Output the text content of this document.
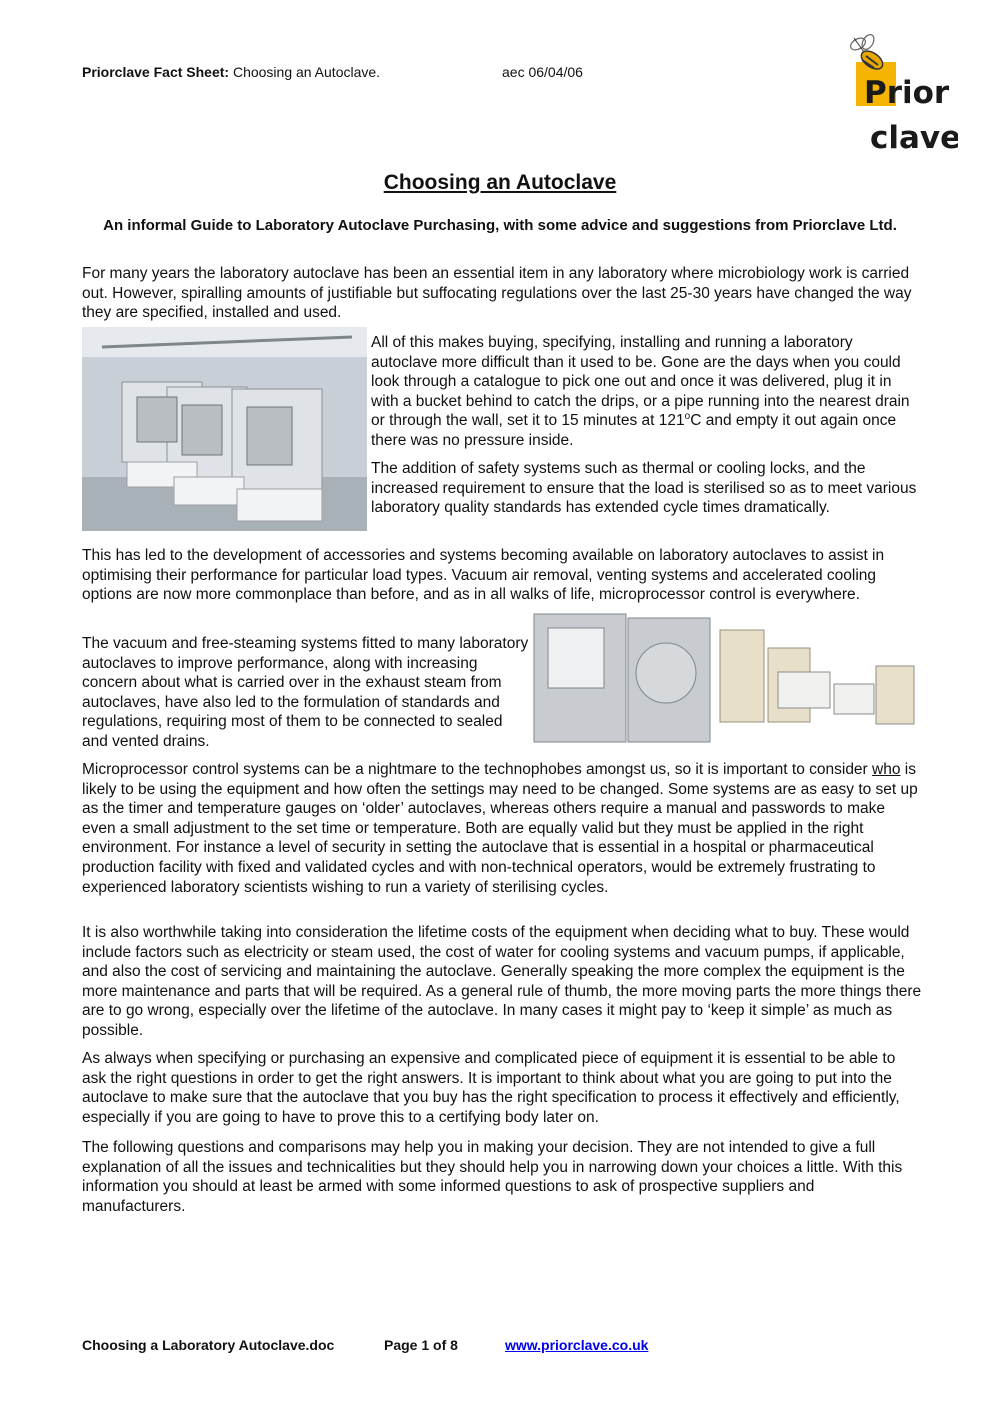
Priorclave Fact Sheet: Choosing an Autoclave.	aec 06/04/06
Prior
clave
Choosing an Autoclave
An informal Guide to Laboratory Autoclave Purchasing, with some advice and suggestions from Priorclave Ltd.

For many years the laboratory autoclave has been an essential item in any laboratory where microbiology work is carried out. However, spiralling amounts of justifiable but suffocating regulations over the last 25-30 years have changed the way they are specified, installed and used.

All of this makes buying, specifying, installing and running a laboratory autoclave more difficult than it used to be. Gone are the days when you could look through a catalogue to pick one out and once it was delivered, plug it in with a bucket behind to catch the drips, or a pipe running into the nearest drain or through the wall, set it to 15 minutes at 121$^o$C and empty it out again once there was no pressure inside.

The addition of safety systems such as thermal or cooling locks, and the increased requirement to ensure that the load is sterilised so as to meet various laboratory quality standards has extended cycle times dramatically.

This has led to the development of accessories and systems becoming available on laboratory autoclaves to assist in optimising their performance for particular load types. Vacuum air removal, venting systems and accelerated cooling options are now more commonplace than before, and as in all walks of life, microprocessor control is everywhere.

The vacuum and free-steaming systems fitted to many laboratory autoclaves to improve performance, along with increasing concern about what is carried over in the exhaust steam from autoclaves, have also led to the formulation of standards and regulations, requiring most of them to be connected to sealed and vented drains.

Microprocessor control systems can be a nightmare to the technophobes amongst us, so it is important to consider who is likely to be using the equipment and how often the settings may need to be changed. Some systems are as easy to set up as the timer and temperature gauges on ‘older’ autoclaves, whereas others require a manual and passwords to make even a small adjustment to the set time or temperature. Both are equally valid but they must be applied in the right environment. For instance a level of security in setting the autoclave that is essential in a hospital or pharmaceutical production facility with fixed and validated cycles and with non-technical operators, would be extremely frustrating to experienced laboratory scientists wishing to run a variety of sterilising cycles.

It is also worthwhile taking into consideration the lifetime costs of the equipment when deciding what to buy. These would include factors such as electricity or steam used, the cost of water for cooling systems and vacuum pumps, if applicable, and also the cost of servicing and maintaining the autoclave. Generally speaking the more complex the equipment is the more maintenance and parts that will be required. As a general rule of thumb, the more moving parts the more things there are to go wrong, especially over the lifetime of the autoclave. In many cases it might pay to ‘keep it simple’ as much as possible.

As always when specifying or purchasing an expensive and complicated piece of equipment it is essential to be able to ask the right questions in order to get the right answers. It is important to think about what you are going to put into the autoclave to make sure that the autoclave that you buy has the right specification to process it effectively and efficiently, especially if you are going to have to prove this to a certifying body later on.

The following questions and comparisons may help you in making your decision. They are not intended to give a full explanation of all the issues and technicalities but they should help you in narrowing down your choices a little. With this information you should at least be armed with some informed questions to ask of prospective suppliers and manufacturers.

Choosing a Laboratory Autoclave.doc	Page 1 of 8	www.priorclave.co.uk
